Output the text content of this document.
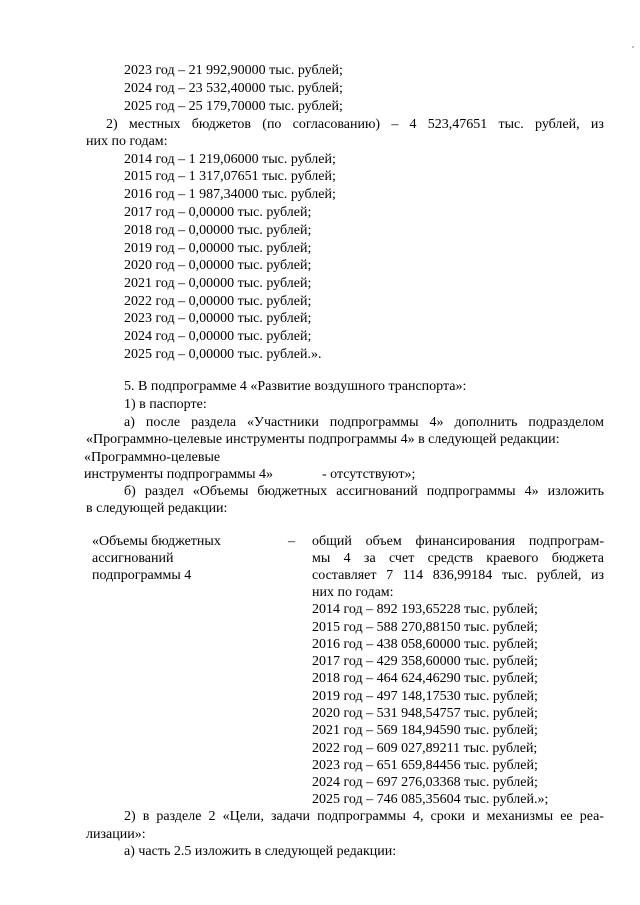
2023 год – 21 992,90000 тыс. рублей;
2024 год – 23 532,40000 тыс. рублей;
2025 год – 25 179,70000 тыс. рублей;
2) местных бюджетов (по согласованию) – 4 523,47651 тыс. рублей, из
них по годам:
2014 год – 1 219,06000 тыс. рублей;
2015 год – 1 317,07651 тыс. рублей;
2016 год – 1 987,34000 тыс. рублей;
2017 год – 0,00000 тыс. рублей;
2018 год – 0,00000 тыс. рублей;
2019 год – 0,00000 тыс. рублей;
2020 год – 0,00000 тыс. рублей;
2021 год – 0,00000 тыс. рублей;
2022 год – 0,00000 тыс. рублей;
2023 год – 0,00000 тыс. рублей;
2024 год – 0,00000 тыс. рублей;
2025 год – 0,00000 тыс. рублей.».
5. В подпрограмме 4 «Развитие воздушного транспорта»:
1) в паспорте:
а) после раздела «Участники подпрограммы 4» дополнить подразделом
«Программно-целевые инструменты подпрограммы 4» в следующей редакции:
«Программно-целевые
инструменты подпрограммы 4»	- отсутствуют»;
б) раздел «Объемы бюджетных ассигнований подпрограммы 4» изложить
в следующей редакции:
«Объемы бюджетных
ассигнований
подпрограммы 4
– общий объем финансирования подпрограм-
мы 4 за счет средств краевого бюджета
составляет 7 114 836,99184 тыс. рублей, из
них по годам:
2014 год – 892 193,65228 тыс. рублей;
2015 год – 588 270,88150 тыс. рублей;
2016 год – 438 058,60000 тыс. рублей;
2017 год – 429 358,60000 тыс. рублей;
2018 год – 464 624,46290 тыс. рублей;
2019 год – 497 148,17530 тыс. рублей;
2020 год – 531 948,54757 тыс. рублей;
2021 год – 569 184,94590 тыс. рублей;
2022 год – 609 027,89211 тыс. рублей;
2023 год – 651 659,84456 тыс. рублей;
2024 год – 697 276,03368 тыс. рублей;
2025 год – 746 085,35604 тыс. рублей.»;
2) в разделе 2 «Цели, задачи подпрограммы 4, сроки и механизмы ее реа-
лизации»:
а) часть 2.5 изложить в следующей редакции:
